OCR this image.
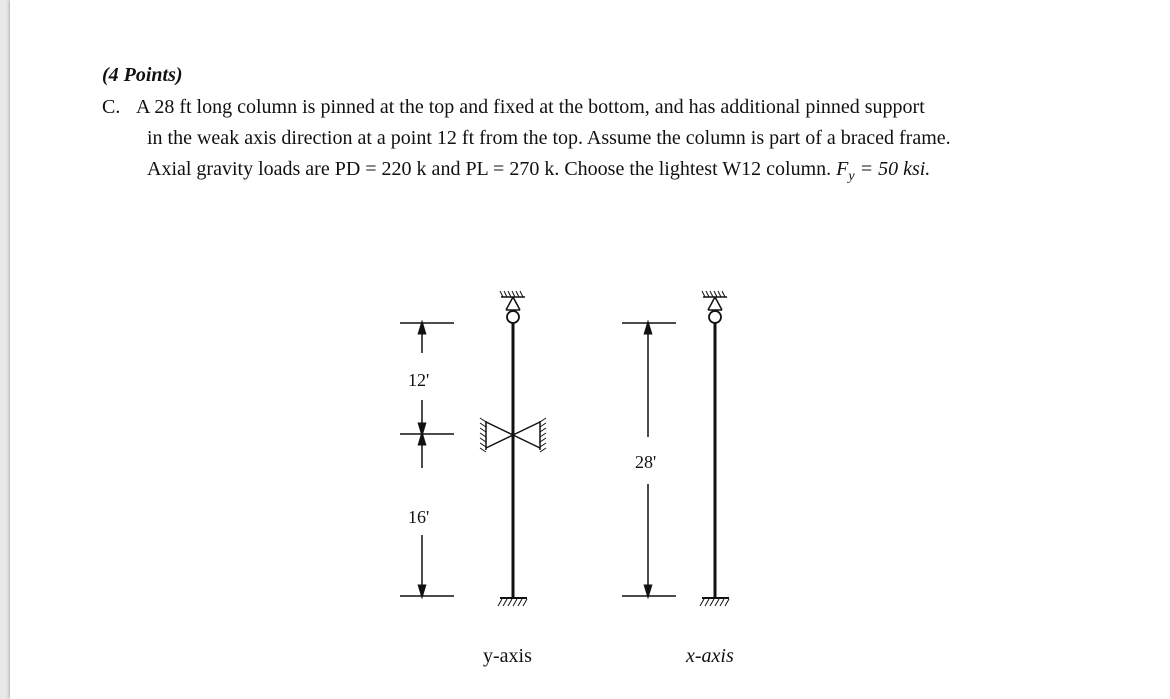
(4 Points)
C. A 28 ft long column is pinned at the top and fixed at the bottom, and has additional pinned support
in the weak axis direction at a point 12 ft from the top. Assume the column is part of a braced frame.
Axial gravity loads are PD = 220 k and PL = 270 k. Choose the lightest W12 column. $F_y = 50$ ksi.
12'
16'
28'
y-axis	x-axis
